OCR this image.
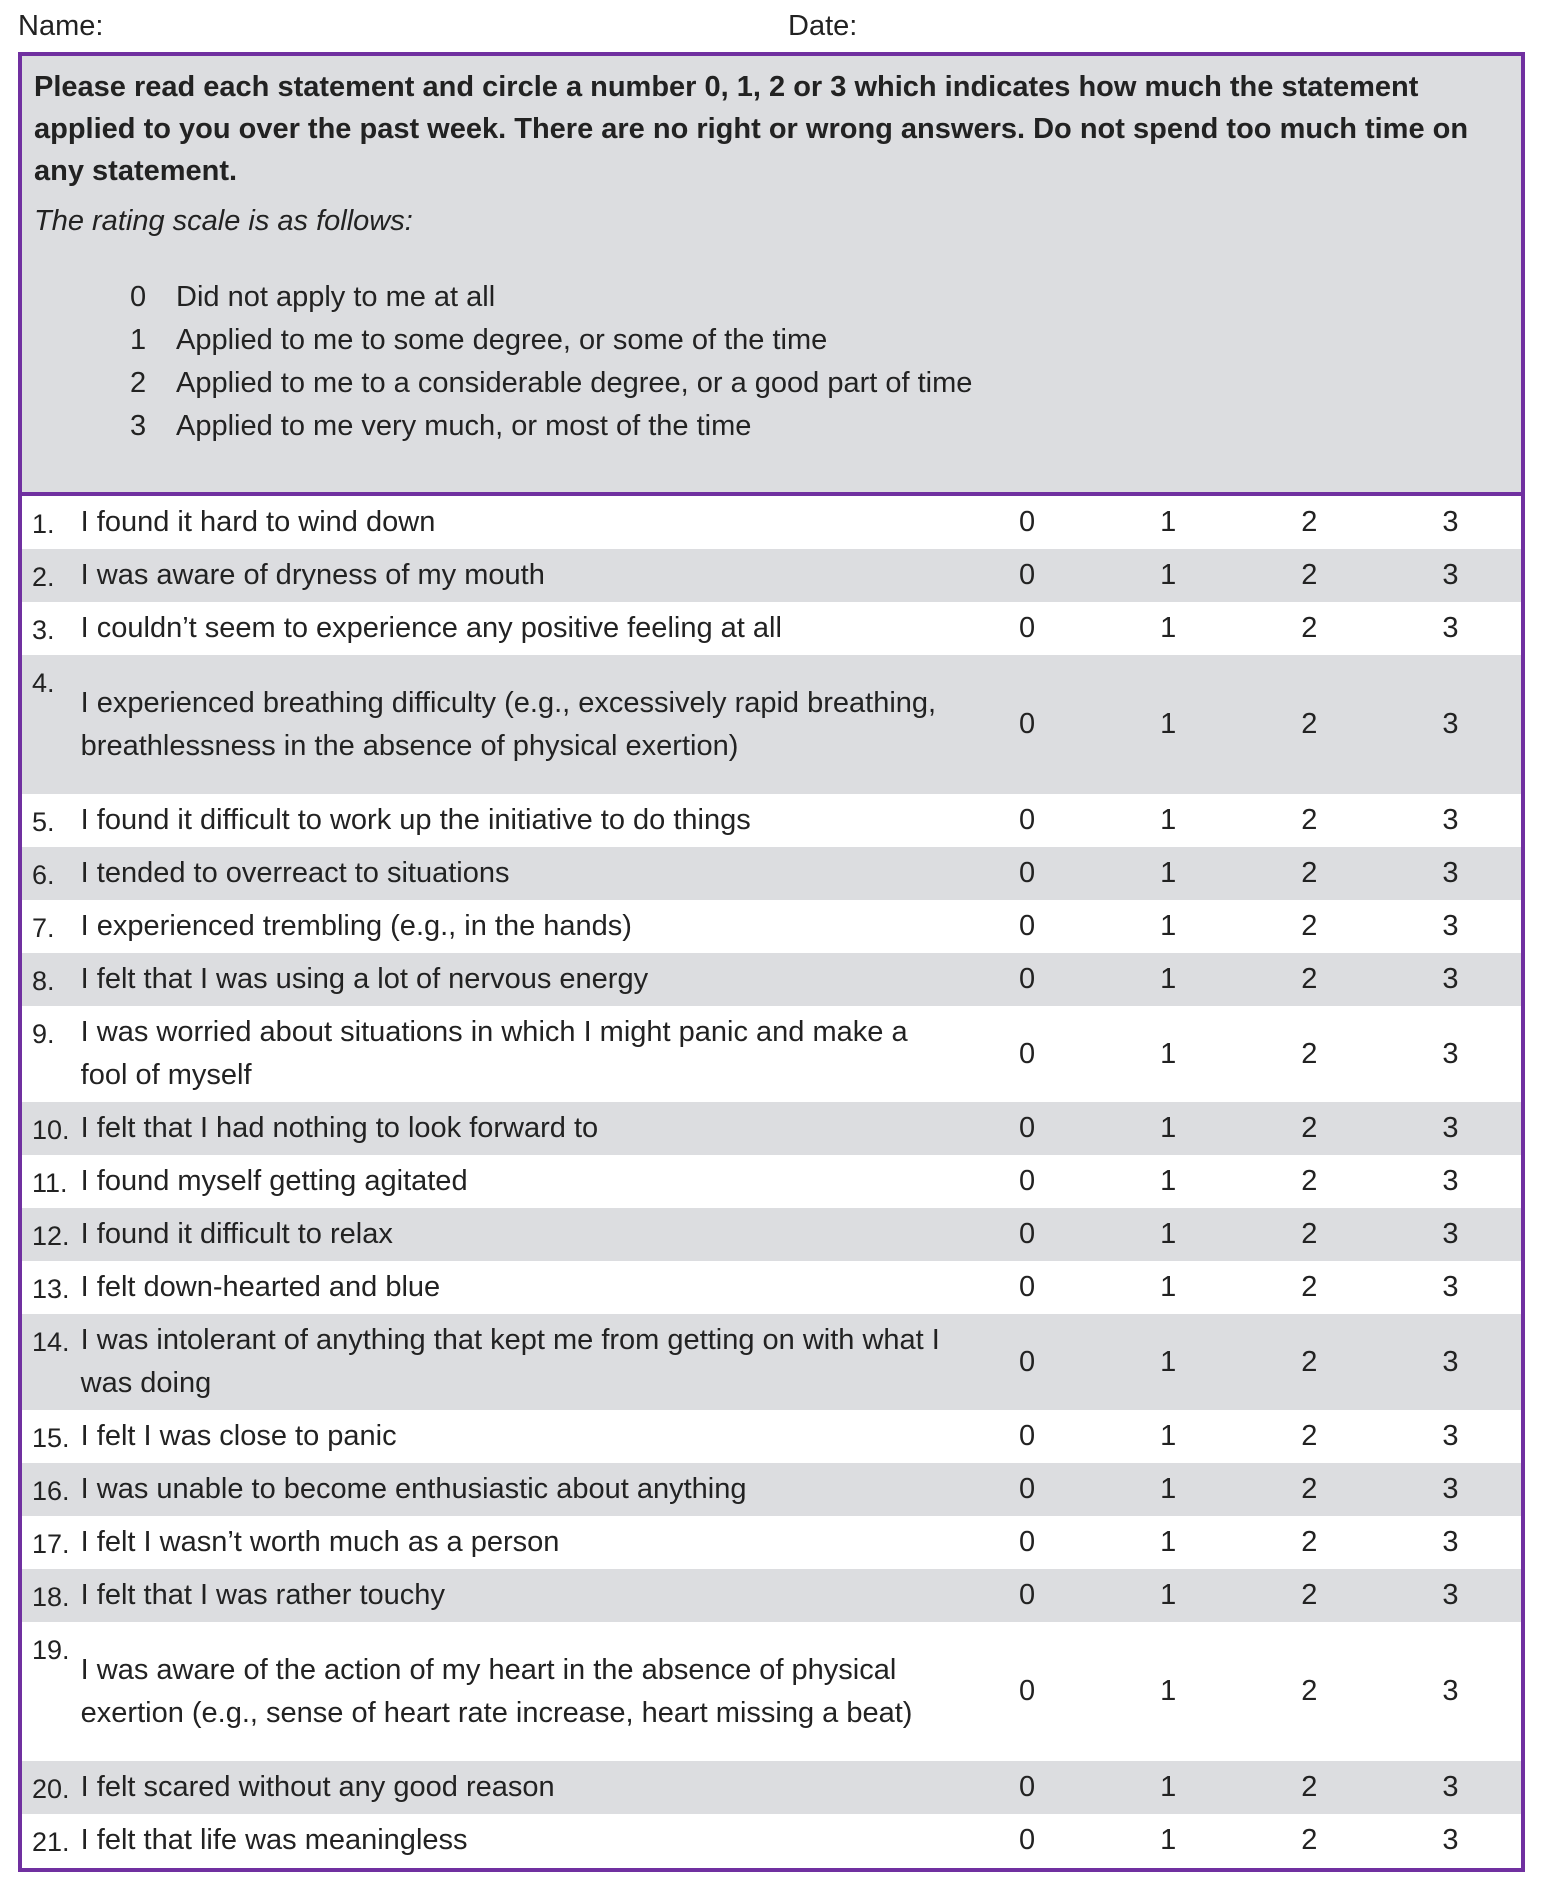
Name:	Date:

Please read each statement and circle a number 0, 1, 2 or 3 which indicates how much the statement applied to you over the past week. There are no right or wrong answers. Do not spend too much time on any statement.

The rating scale is as follows:

0	Did not apply to me at all
1	Applied to me to some degree, or some of the time
2	Applied to me to a considerable degree, or a good part of time
3	Applied to me very much, or most of the time
1. I found it hard to wind down	0	1	2	3
2. I was aware of dryness of my mouth	0	1	2	3
3. I couldn’t seem to experience any positive feeling at all	0	1	2	3
4.
I experienced breathing difficulty (e.g., excessively rapid breathing, breathlessness in the absence of physical exertion)
0	1	2	3
5. I found it difficult to work up the initiative to do things	0	1	2	3
6. I tended to overreact to situations	0	1	2	3
7. I experienced trembling (e.g., in the hands)	0	1	2	3
8. I felt that I was using a lot of nervous energy	0	1	2	3
9. I was worried about situations in which I might panic and make a fool of myself
0	1	2	3
10. I felt that I had nothing to look forward to	0	1	2	3
11. I found myself getting agitated	0	1	2	3
12. I found it difficult to relax	0	1	2	3
13. I felt down-hearted and blue	0	1	2	3
14. I was intolerant of anything that kept me from getting on with what I was doing
0	1	2	3
15. I felt I was close to panic	0	1	2	3
16. I was unable to become enthusiastic about anything	0	1	2	3
17. I felt I wasn’t worth much as a person	0	1	2	3
18. I felt that I was rather touchy	0	1	2	3
19.
I was aware of the action of my heart in the absence of physical exertion (e.g., sense of heart rate increase, heart missing a beat)
0	1	2	3
20. I felt scared without any good reason	0	1	2	3
21. I felt that life was meaningless	0	1	2	3
